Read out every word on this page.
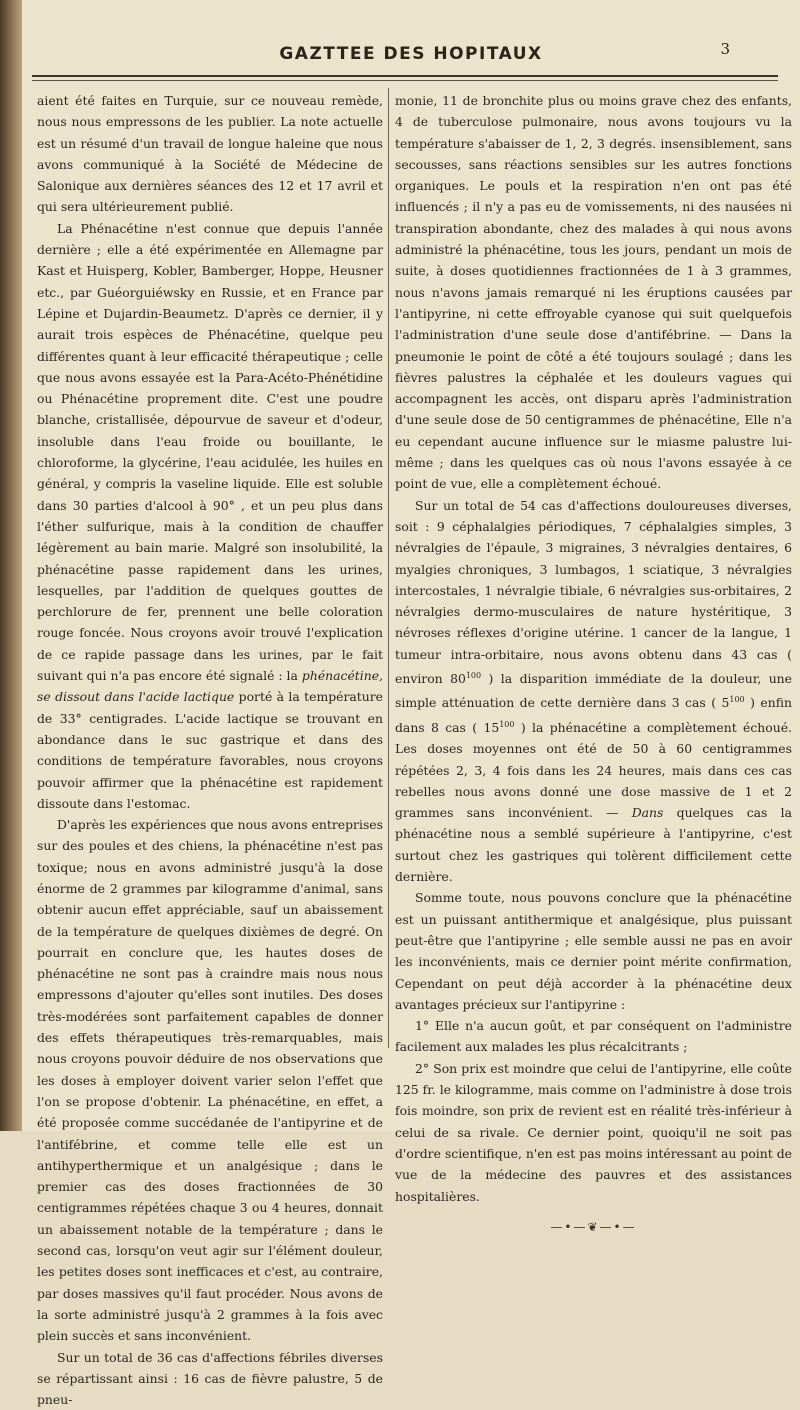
GAZTTEE DES HOPITAUX	3

aient été faites en Turquie, sur ce nouveau remède, nous nous empressons de les publier. La note actuelle est un résumé d'un travail de longue haleine que nous avons communiqué à la Société de Médecine de Salonique aux dernières séances des 12 et 17 avril et qui sera ultérieurement publié.

La Phénacétine n'est connue que depuis l'année dernière ; elle a été expérimentée en Allemagne par Kast et Huisperg, Kobler, Bamberger, Hoppe, Heusner etc., par Guéorguiéwsky en Russie, et en France par Lépine et Dujardin-Beaumetz. D'après ce dernier, il y aurait trois espèces de Phénacétine, quelque peu différentes quant à leur efficacité thérapeutique ; celle que nous avons essayée est la Para-Acéto-Phénétidine ou Phénacétine proprement dite. C'est une poudre blanche, cristallisée, dépourvue de saveur et d'odeur, insoluble dans l'eau froide ou bouillante, le chloroforme, la glycérine, l'eau acidulée, les huiles en général, y compris la vaseline liquide. Elle est soluble dans 30 parties d'alcool à 90° , et un peu plus dans l'éther sulfurique, mais à la condition de chauffer légèrement au bain marie. Malgré son insolubilité, la phénacétine passe rapidement dans les urines, lesquelles, par l'addition de quelques gouttes de perchlorure de fer, prennent une belle coloration rouge foncée. Nous croyons avoir trouvé l'explication de ce rapide passage dans les urines, par le fait suivant qui n'a pas encore été signalé : la phénacétine, se dissout dans l'acide lactique porté à la température de 33° centigrades. L'acide lactique se trouvant en abondance dans le suc gastrique et dans des conditions de température favorables, nous croyons pouvoir affirmer que la phénacétine est rapidement dissoute dans l'estomac.

D'après les expériences que nous avons entreprises sur des poules et des chiens, la phénacétine n'est pas toxique; nous en avons administré jusqu'à la dose énorme de 2 grammes par kilogramme d'animal, sans obtenir aucun effet appréciable, sauf un abaissement de la température de quelques dixièmes de degré. On pourrait en conclure que, les hautes doses de phénacétine ne sont pas à craindre mais nous nous empressons d'ajouter qu'elles sont inutiles. Des doses très-modérées sont parfaitement capables de donner des effets thérapeutiques très-remarquables, mais nous croyons pouvoir déduire de nos observations que les doses à employer doivent varier selon l'effet que l'on se propose d'obtenir. La phénacétine, en effet, a été proposée comme succédanée de l'antipyrine et de l'antifébrine, et comme telle elle est un antihyperthermique et un analgésique ; dans le premier cas des doses fractionnées de 30 centigrammes répétées chaque 3 ou 4 heures, donnait un abaissement notable de la température ; dans le second cas, lorsqu'on veut agir sur l'élément douleur, les petites doses sont inefficaces et c'est, au contraire, par doses massives qu'il faut procéder. Nous avons de la sorte administré jusqu'à 2 grammes à la fois avec plein succès et sans inconvénient.

Sur un total de 36 cas d'affections fébriles diverses se répartissant ainsi : 16 cas de fièvre palustre, 5 de pneu-

monie, 11 de bronchite plus ou moins grave chez des enfants, 4 de tuberculose pulmonaire, nous avons toujours vu la température s'abaisser de 1, 2, 3 degrés. insensiblement, sans secousses, sans réactions sensibles sur les autres fonctions organiques. Le pouls et la respiration n'en ont pas été influencés ; il n'y a pas eu de vomissements, ni des nausées ni transpiration abondante, chez des malades à qui nous avons administré la phénacétine, tous les jours, pendant un mois de suite, à doses quotidiennes fractionnées de 1 à 3 grammes, nous n'avons jamais remarqué ni les éruptions causées par l'antipyrine, ni cette effroyable cyanose qui suit quelquefois l'administration d'une seule dose d'antifébrine. — Dans la pneumonie le point de côté a été toujours soulagé ; dans les fièvres palustres la céphalée et les douleurs vagues qui accompagnent les accès, ont disparu après l'administration d'une seule dose de 50 centigrammes de phénacétine, Elle n'a eu cependant aucune influence sur le miasme palustre lui-même ; dans les quelques cas où nous l'avons essayée à ce point de vue, elle a complètement échoué.

Sur un total de 54 cas d'affections douloureuses diverses, soit : 9 céphalalgies périodiques, 7 céphalalgies simples, 3 névralgies de l'épaule, 3 migraines, 3 névralgies dentaires, 6 myalgies chroniques, 3 lumbagos, 1 sciatique, 3 névralgies intercostales, 1 névralgie tibiale, 6 névralgies sus-orbitaires, 2 névralgies dermo-musculaires de nature hystéritique, 3 névroses réflexes d'origine utérine. 1 cancer de la langue, 1 tumeur intra-orbitaire, nous avons obtenu dans 43 cas ( environ $80^{100}$ ) la disparition immédiate de la douleur, une simple atténuation de cette dernière dans 3 cas ( $5^{100}$ ) enfin dans 8 cas ( $15^{100}$ ) la phénacétine a complètement échoué. Les doses moyennes ont été de 50 à 60 centigrammes répétées 2, 3, 4 fois dans les 24 heures, mais dans ces cas rebelles nous avons donné une dose massive de 1 et 2 grammes sans inconvénient. — Dans quelques cas la phénacétine nous a semblé supérieure à l'antipyrine, c'est surtout chez les gastriques qui tolèrent difficilement cette dernière.

Somme toute, nous pouvons conclure que la phénacétine est un puissant antithermique et analgésique, plus puissant peut-être que l'antipyrine ; elle semble aussi ne pas en avoir les inconvénients, mais ce dernier point mérite confirmation, Cependant on peut déjà accorder à la phénacétine deux avantages précieux sur l'antipyrine :

1° Elle n'a aucun goût, et par conséquent on l'administre facilement aux malades les plus récalcitrants ;

2° Son prix est moindre que celui de l'antipyrine, elle coûte 125 fr. le kilogramme, mais comme on l'administre à dose trois fois moindre, son prix de revient est en réalité très-inférieur à celui de sa rivale. Ce dernier point, quoiqu'il ne soit pas d'ordre scientifique, n'en est pas moins intéressant au point de vue de la médecine des pauvres et des assistances hospitalières.

—•—❦—•—
